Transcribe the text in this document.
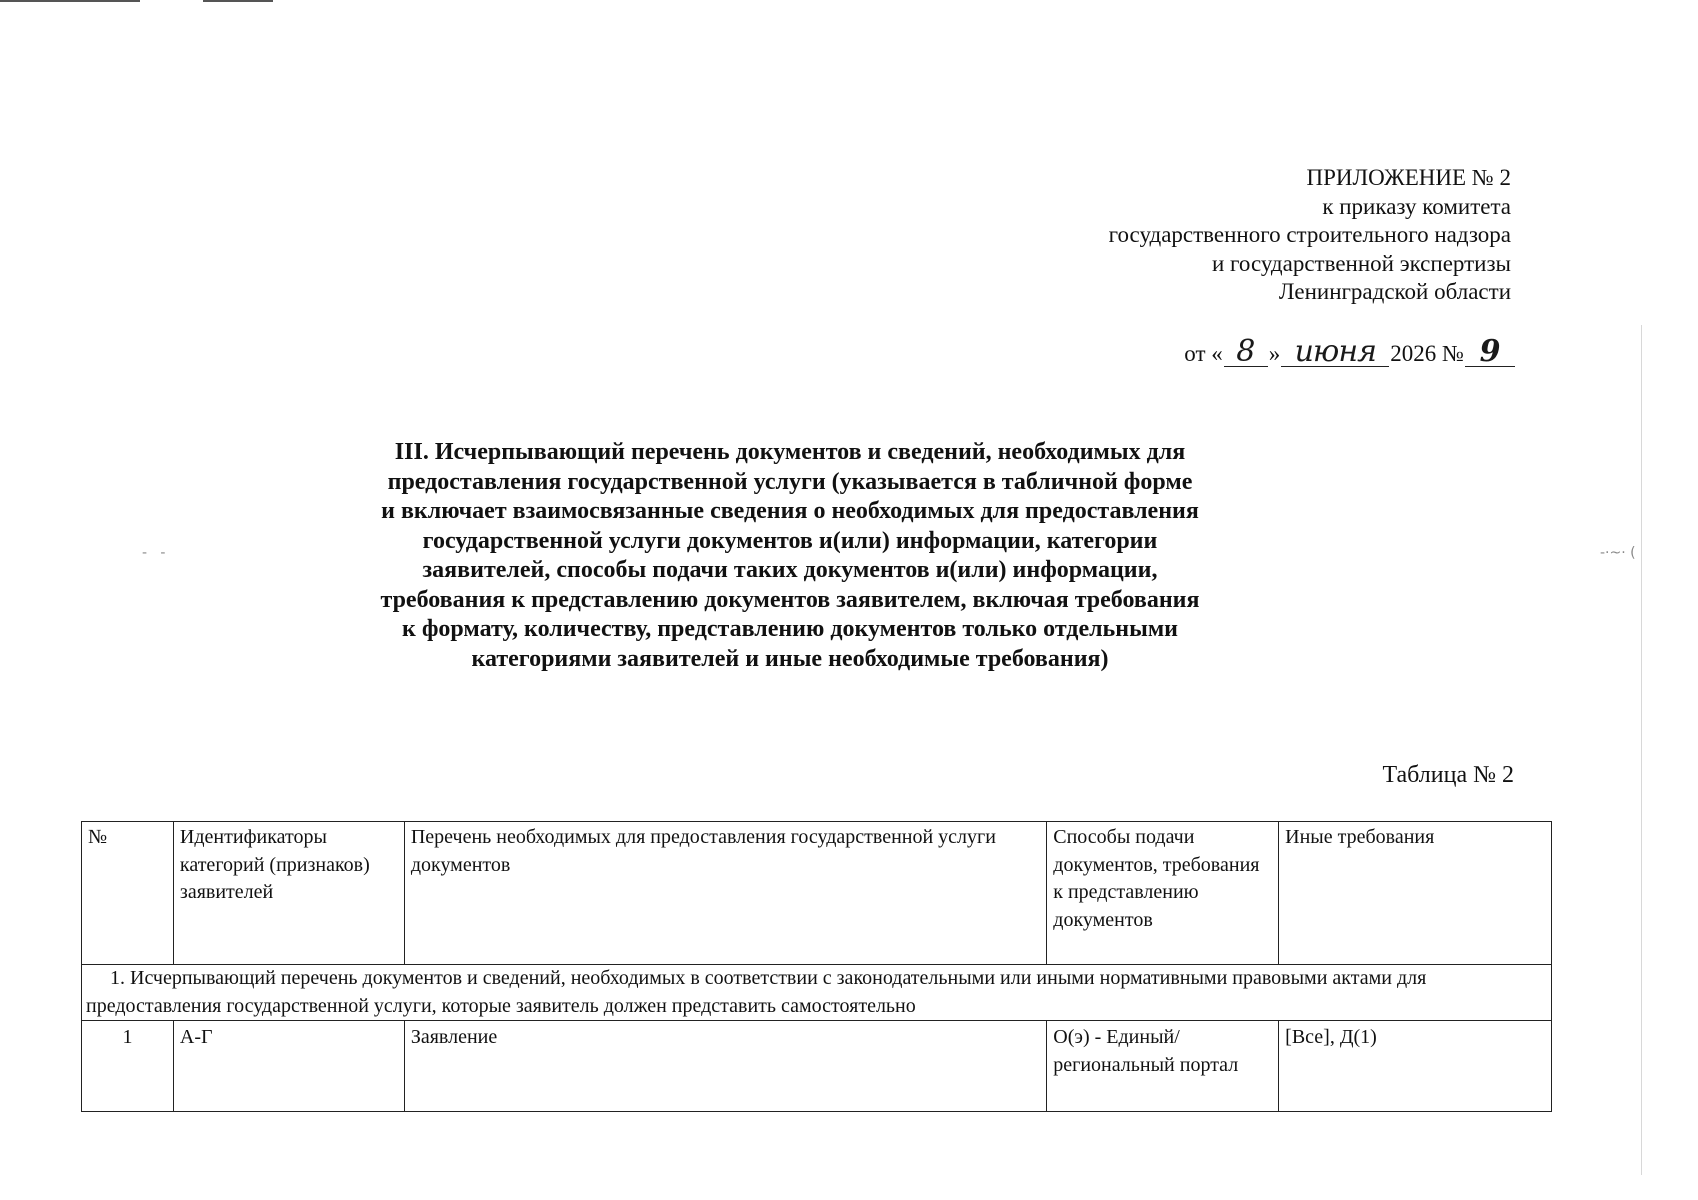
-   -	-·~· (
ПРИЛОЖЕНИЕ № 2
к приказу комитета
государственного строительного надзора
и государственной экспертизы
Ленинградской области
от « 8 » июня 2026 № 9
III. Исчерпывающий перечень документов и сведений, необходимых для предоставления государственной услуги (указывается в табличной форме и включает взаимосвязанные сведения о необходимых для предоставления государственной услуги документов и(или) информации, категории заявителей, способы подачи таких документов и(или) информации, требования к представлению документов заявителем, включая требования к формату, количеству, представлению документов только отдельными категориями заявителей и иные необходимые требования)
Таблица № 2
№	Идентификаторы категорий (признаков) заявителей	Перечень необходимых для предоставления государственной услуги документов	Способы подачи документов, требования к представлению документов	Иные требования
1. Исчерпывающий перечень документов и сведений, необходимых в соответствии с законодательными или иными нормативными правовыми актами для предоставления государственной услуги, которые заявитель должен представить самостоятельно				
1	А-Г	Заявление	О(э) - Единый/региональный портал	[Все], Д(1)
